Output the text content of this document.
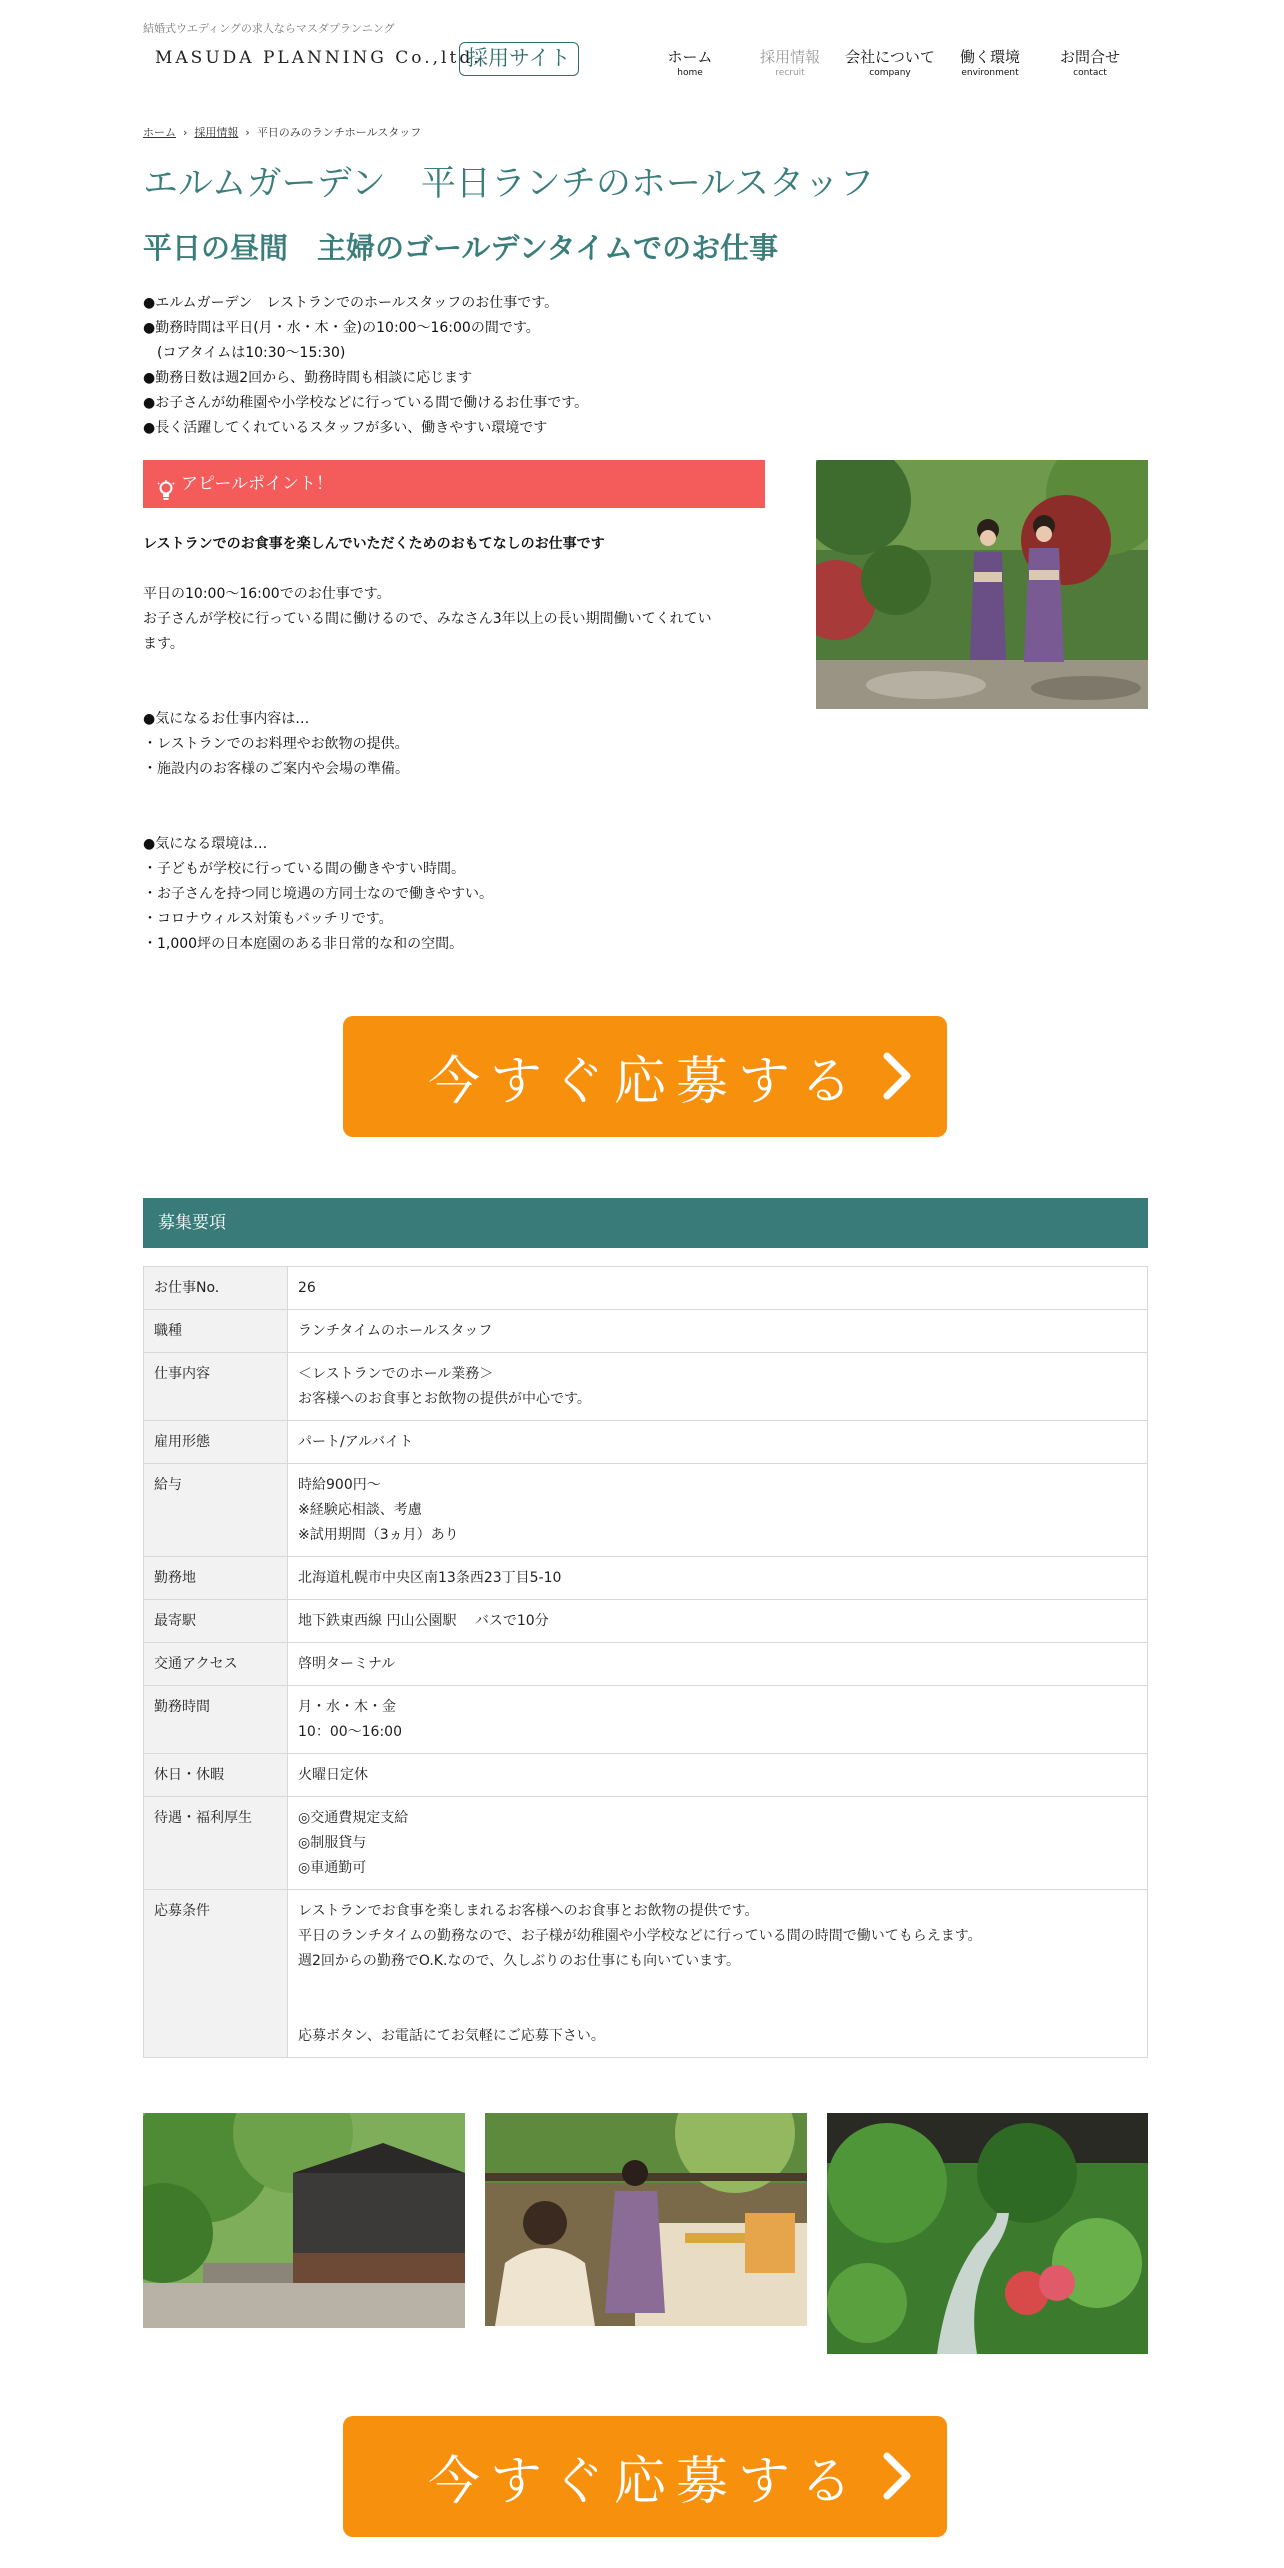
結婚式ウエディングの求人ならマスダプランニング
MASUDA PLANNING Co.,ltd.
採用サイト	ホーム
home
採用情報
recruit
会社について
company
働く環境
environment
お問合せ
contact
ホーム › 採用情報 › 平日のみのランチホールスタッフ
エルムガーデン　平日ランチのホールスタッフ
平日の昼間　主婦のゴールデンタイムでのお仕事
●エルムガーデン　レストランでのホールスタッフのお仕事です。
●勤務時間は平日(月・水・木・金)の10:00～16:00の間です。
　(コアタイムは10:30～15:30)
●勤務日数は週2回から、勤務時間も相談に応じます
●お子さんが幼稚園や小学校などに行っている間で働けるお仕事です。
●長く活躍してくれているスタッフが多い、働きやすい環境です
アピールポイント！
レストランでのお食事を楽しんでいただくためのおもてなしのお仕事です
平日の10:00～16:00でのお仕事です。
お子さんが学校に行っている間に働けるので、みなさん3年以上の長い期間働いてくれてい
ます。
●気になるお仕事内容は…
・レストランでのお料理やお飲物の提供。
・施設内のお客様のご案内や会場の準備。
●気になる環境は…
・子どもが学校に行っている間の働きやすい時間。
・お子さんを持つ同じ境遇の方同士なので働きやすい。
・コロナウィルス対策もバッチリです。
・1,000坪の日本庭園のある非日常的な和の空間。
今すぐ応募する
募集要項
お仕事No.	26

職種	ランチタイムのホールスタッフ

仕事内容	＜レストランでのホール業務＞
お客様へのお食事とお飲物の提供が中心です。

雇用形態	パート/アルバイト

給与	時給900円～
※経験応相談、考慮
※試用期間（3ヵ月）あり

勤務地	北海道札幌市中央区南13条西23丁目5-10

最寄駅	地下鉄東西線 円山公園駅　 バスで10分

交通アクセス	啓明ターミナル

勤務時間	月・水・木・金
10：00～16:00

休日・休暇	火曜日定休

待遇・福利厚生	◎交通費規定支給
◎制服貸与
◎車通勤可

応募条件	レストランでお食事を楽しまれるお客様へのお食事とお飲物の提供です。
平日のランチタイムの勤務なので、お子様が幼稚園や小学校などに行っている間の時間で働いてもらえます。
週2回からの勤務でO.K.なので、久しぶりのお仕事にも向いています。
応募ボタン、お電話にてお気軽にご応募下さい。
今すぐ応募する
